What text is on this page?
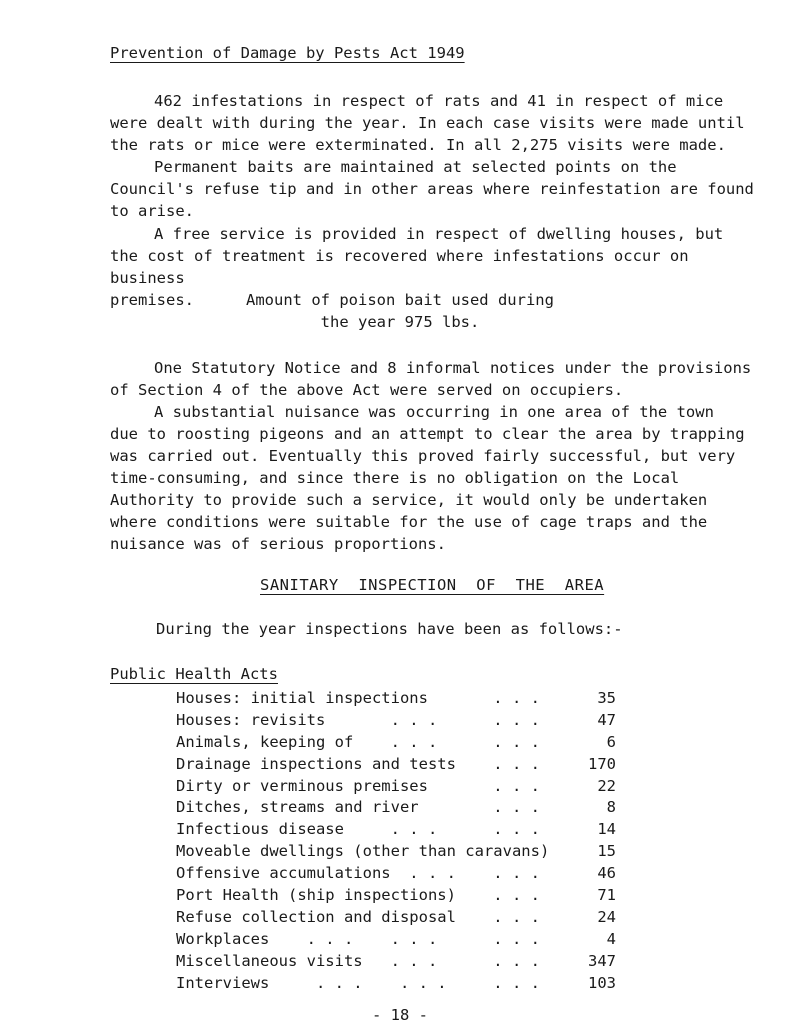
Prevention of Damage by Pests Act 1949
462 infestations in respect of rats and 41 in respect of mice
were dealt with during the year. In each case visits were made until
the rats or mice were exterminated. In all 2,275 visits were made.
Permanent baits are maintained at selected points on the
Council's refuse tip and in other areas where reinfestation are found
to arise.
A free service is provided in respect of dwelling houses, but
the cost of treatment is recovered where infestations occur on business
premises.	Amount of poison bait used during
the year 975 lbs.
One Statutory Notice and 8 informal notices under the provisions
of Section 4 of the above Act were served on occupiers.
A substantial nuisance was occurring in one area of the town
due to roosting pigeons and an attempt to clear the area by trapping
was carried out. Eventually this proved fairly successful, but very
time-consuming, and since there is no obligation on the Local
Authority to provide such a service, it would only be undertaken
where conditions were suitable for the use of cage traps and the
nuisance was of serious proportions.
SANITARY  INSPECTION  OF  THE  AREA
During the year inspections have been as follows:-
Public Health Acts
Houses: initial inspections       . . .	35
Houses: revisits       . . .      . . .	47
Animals, keeping of    . . .      . . .	6
Drainage inspections and tests    . . .	170
Dirty or verminous premises       . . .	22
Ditches, streams and river        . . .	8
Infectious disease     . . .      . . .	14
Moveable dwellings (other than caravans)	15
Offensive accumulations  . . .    . . .	46
Port Health (ship inspections)    . . .	71
Refuse collection and disposal    . . .	24
Workplaces    . . .    . . .      . . .	4
Miscellaneous visits   . . .      . . .	347
Interviews     . . .    . . .     . . .	103
- 18 -
